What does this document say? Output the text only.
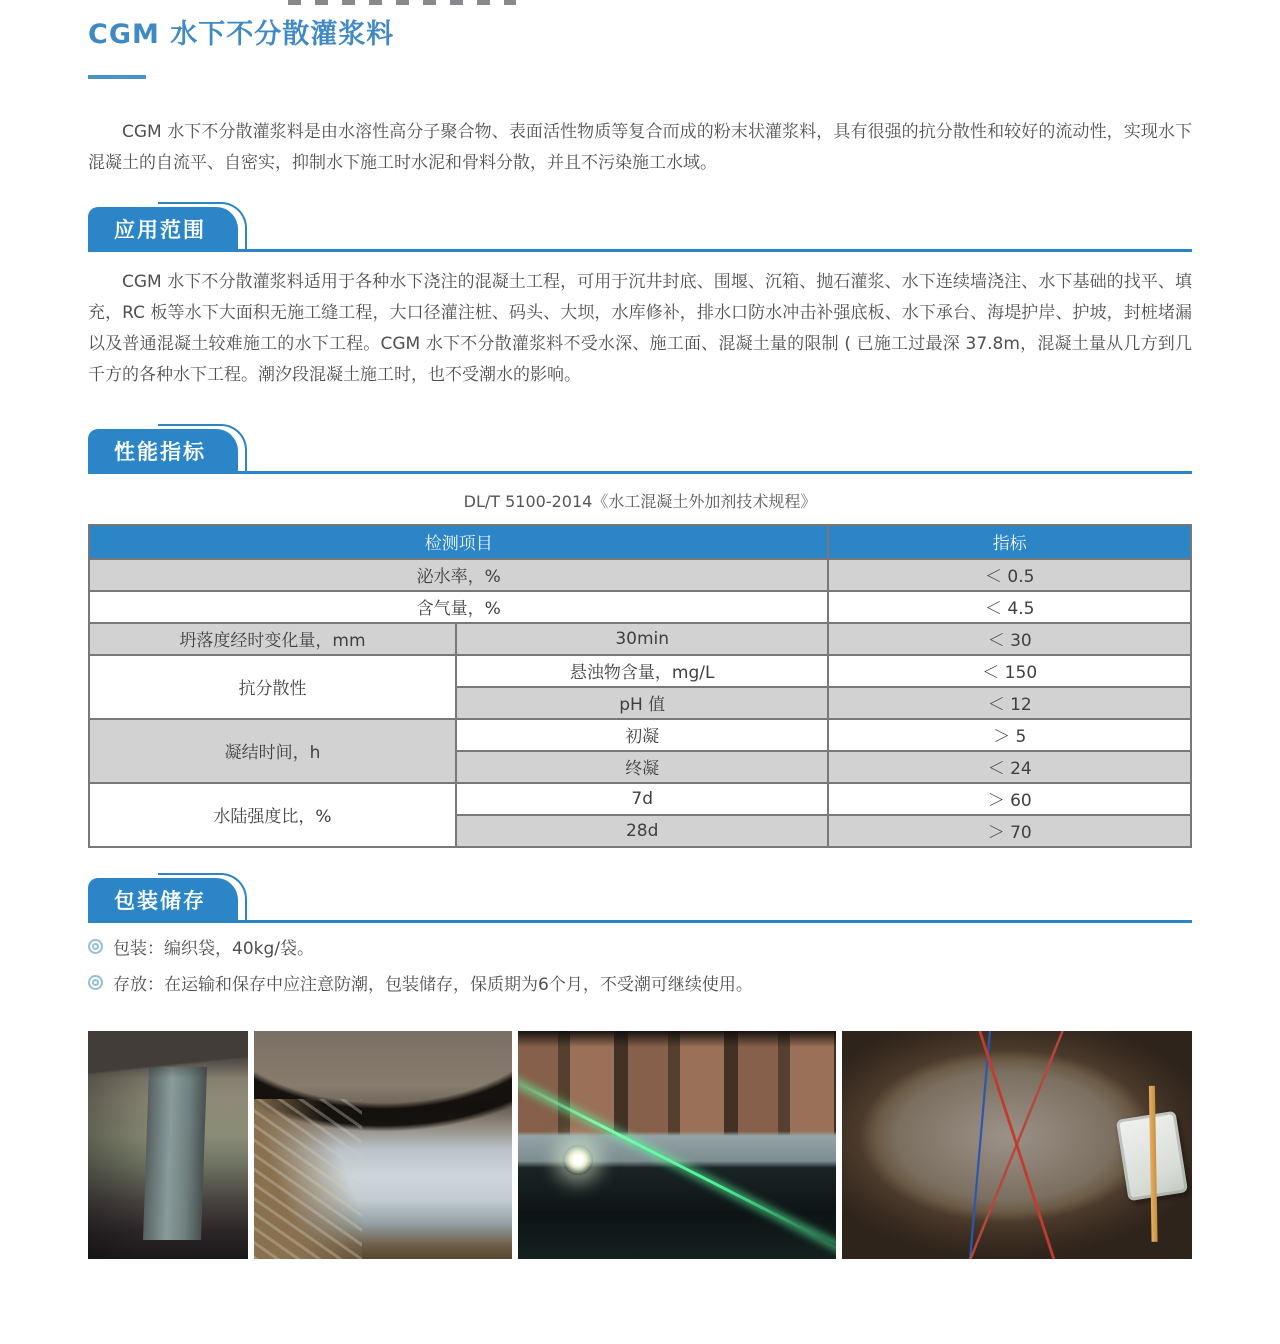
CGM 水下不分散灌浆料

CGM 水下不分散灌浆料是由水溶性高分子聚合物、表面活性物质等复合而成的粉末状灌浆料，具有很强的抗分散性和较好的流动性，实现水下混凝土的自流平、自密实，抑制水下施工时水泥和骨料分散，并且不污染施工水域。

应用范围

CGM 水下不分散灌浆料适用于各种水下浇注的混凝土工程，可用于沉井封底、围堰、沉箱、抛石灌浆、水下连续墙浇注、水下基础的找平、填充，RC 板等水下大面积无施工缝工程，大口径灌注桩、码头、大坝，水库修补，排水口防水冲击补强底板、水下承台、海堤护岸、护坡，封桩堵漏以及普通混凝土较难施工的水下工程。CGM 水下不分散灌浆料不受水深、施工面、混凝土量的限制 ( 已施工过最深 37.8m，混凝土量从几方到几千方的各种水下工程。潮汐段混凝土施工时，也不受潮水的影响。

性能指标
DL/T 5100-2014《水工混凝土外加剂技术规程》
检测项目		指标
泌水率，%		＜ 0.5
含气量，%		＜ 4.5
坍落度经时变化量，mm	30min	＜ 30
抗分散性	悬浊物含量，mg/L	＜ 150
	pH 值	＜ 12
凝结时间，h	初凝	＞ 5
	终凝	＜ 24
水陆强度比，%	7d	＞ 60
	28d	＞ 70
包装储存
包装：编织袋，40kg/袋。
存放：在运输和保存中应注意防潮，包装储存，保质期为6个月，不受潮可继续使用。
